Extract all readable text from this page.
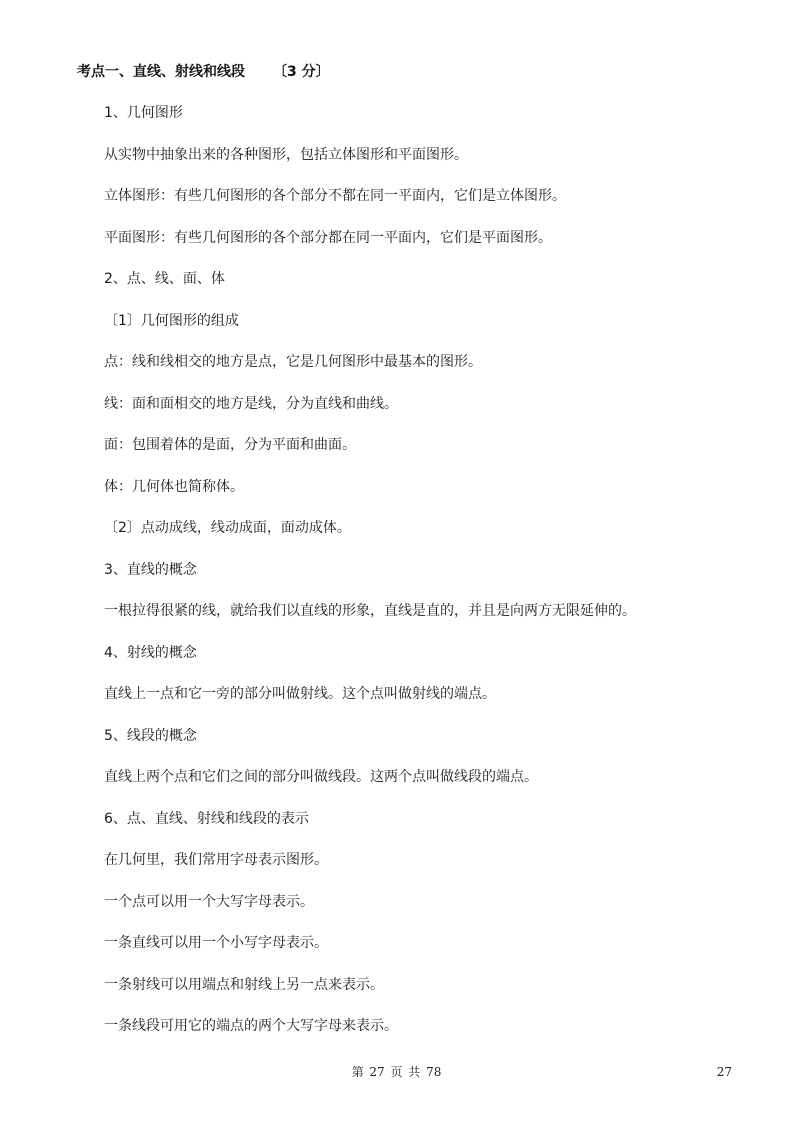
考点一、直线、射线和线段 〔3 分〕
1、几何图形
从实物中抽象出来的各种图形，包括立体图形和平面图形。
立体图形：有些几何图形的各个部分不都在同一平面内，它们是立体图形。
平面图形：有些几何图形的各个部分都在同一平面内，它们是平面图形。
2、点、线、面、体
〔1〕几何图形的组成
点：线和线相交的地方是点，它是几何图形中最基本的图形。
线：面和面相交的地方是线，分为直线和曲线。
面：包围着体的是面，分为平面和曲面。
体：几何体也简称体。
〔2〕点动成线，线动成面，面动成体。
3、直线的概念
一根拉得很紧的线，就给我们以直线的形象，直线是直的，并且是向两方无限延伸的。
4、射线的概念
直线上一点和它一旁的部分叫做射线。这个点叫做射线的端点。
5、线段的概念
直线上两个点和它们之间的部分叫做线段。这两个点叫做线段的端点。
6、点、直线、射线和线段的表示
在几何里，我们常用字母表示图形。
一个点可以用一个大写字母表示。
一条直线可以用一个小写字母表示。
一条射线可以用端点和射线上另一点来表示。
一条线段可用它的端点的两个大写字母来表示。
第 27 页 共 78	27
